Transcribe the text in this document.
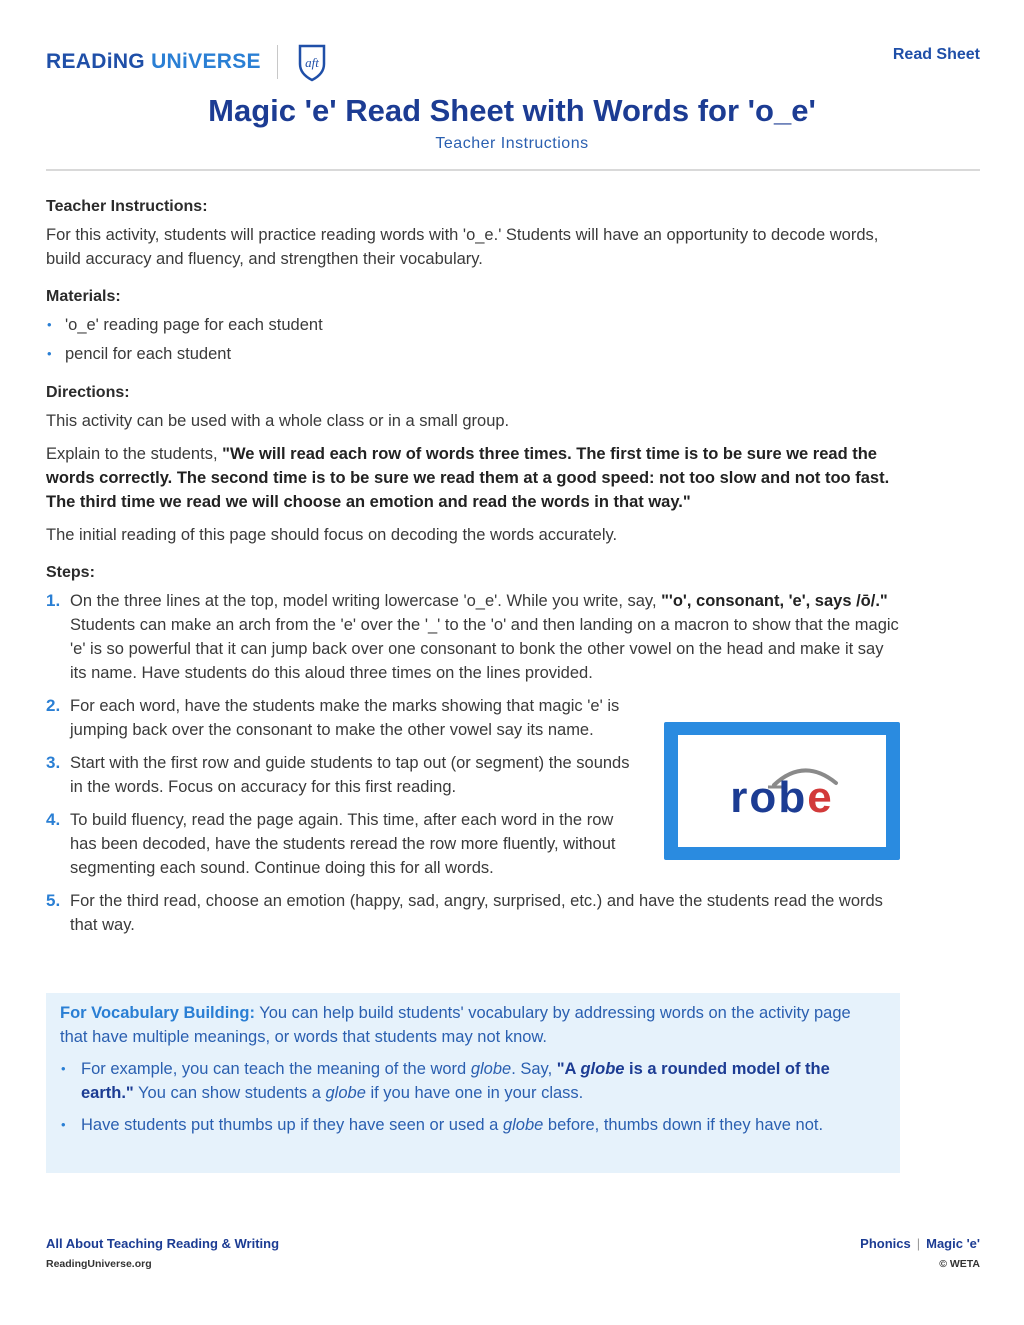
READiNG UNiVERSE	aft	Read Sheet
Magic 'e' Read Sheet with Words for 'o_e'
Teacher Instructions
Teacher Instructions:

For this activity, students will practice reading words with 'o_e.' Students will have an opportunity to decode words, build accuracy and fluency, and strengthen their vocabulary.

Materials:
• 'o_e' reading page for each student
• pencil for each student
Directions:

This activity can be used with a whole class or in a small group.

Explain to the students, "We will read each row of words three times. The first time is to be sure we read the words correctly. The second time is to be sure we read them at a good speed: not too slow and not too fast. The third time we read we will choose an emotion and read the words in that way."

The initial reading of this page should focus on decoding the words accurately.

Steps:
1. On the three lines at the top, model writing lowercase 'o_e'. While you write, say, "'o', consonant, 'e', says /ō/." Students can make an arch from the 'e' over the '_' to the 'o' and then landing on a macron to show that the magic 'e' is so powerful that it can jump back over one consonant to bonk the other vowel on the head and make it say its name. Have students do this aloud three times on the lines provided.
2. For each word, have the students make the marks showing that magic 'e' is jumping back over the consonant to make the other vowel say its name.
3. Start with the first row and guide students to tap out (or segment) the sounds in the words. Focus on accuracy for this first reading.
4. To build fluency, read the page again. This time, after each word in the row has been decoded, have the students reread the row more fluently, without segmenting each sound. Continue doing this for all words.
5. For the third read, choose an emotion (happy, sad, angry, surprised, etc.) and have the students read the words that way.
robe

For Vocabulary Building: You can help build students' vocabulary by addressing words on the activity page that have multiple meanings, or words that students may not know.

• For example, you can teach the meaning of the word globe. Say, "A globe is a rounded model of the earth." You can show students a globe if you have one in your class.
• Have students put thumbs up if they have seen or used a globe before, thumbs down if they have not.
All About Teaching Reading & Writing
ReadingUniverse.org
Phonics | Magic 'e'
© WETA
